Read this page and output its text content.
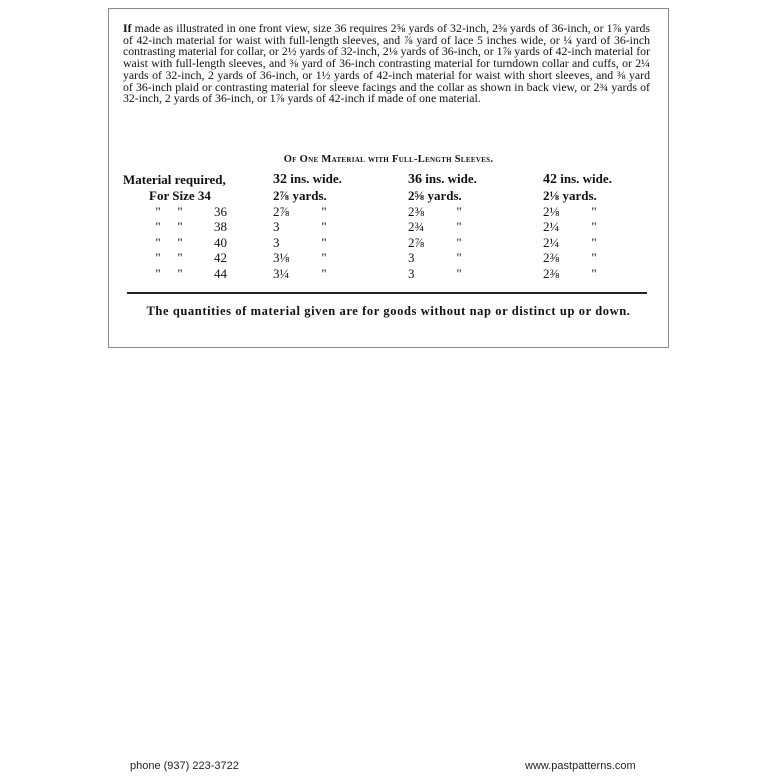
If made as illustrated in one front view, size 36 requires 2⅝ yards of 32-inch, 2⅜ yards of 36-inch, or 1⅞ yards of 42-inch material for waist with full-length sleeves, and ⅞ yard of lace 5 inches wide, or ¼ yard of 36-inch contrasting material for collar, or 2½ yards of 32-inch, 2⅛ yards of 36-inch, or 1⅞ yards of 42-inch material for waist with full-length sleeves, and ⅜ yard of 36-inch contrasting material for turndown collar and cuffs, or 2¼ yards of 32-inch, 2 yards of 36-inch, or 1½ yards of 42-inch material for waist with short sleeves, and ⅜ yard of 36-inch plaid or contrasting material for sleeve facings and the collar as shown in back view, or 2¾ yards of 32-inch, 2 yards of 36-inch, or 1⅞ yards of 42-inch if made of one material.
Of One Material with Full-Length Sleeves.
Material required,	32 ins. wide.	36 ins. wide.	42 ins. wide.
For Size 34	2⅞ yards.	2⅝ yards.	2⅛ yards.
" " 36	2⅞ "	2⅜ "	2⅛ "
" " 38	3 "	2¾ "	2¼ "
" " 40	3 "	2⅞ "	2¼ "
" " 42	3⅛ "	3 "	2⅜ "
" " 44	3¼ "	3 "	2⅜ "
The quantities of material given are for goods without nap or distinct up or down.
phone (937) 223-3722	www.pastpatterns.com
